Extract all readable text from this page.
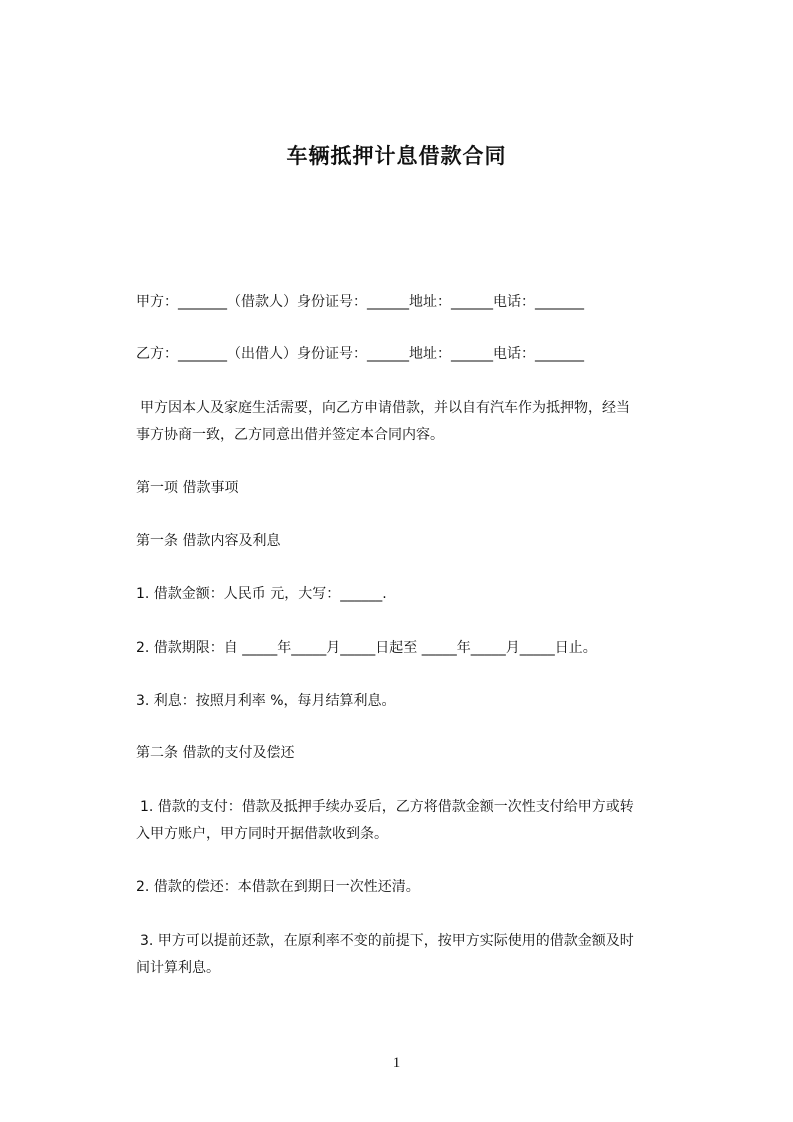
车辆抵押计息借款合同
甲方：_______（借款人）身份证号：______地址：______电话：_______
乙方：_______（出借人）身份证号：______地址：______电话：_______
甲方因本人及家庭生活需要，向乙方申请借款，并以自有汽车作为抵押物，经当
事方协商一致，乙方同意出借并签定本合同内容。
第一项 借款事项
第一条 借款内容及利息
1. 借款金额：人民币 元，大写：______.
2. 借款期限：自 _____年_____月_____日起至 _____年_____月_____日止。
3. 利息：按照月利率 %，每月结算利息。
第二条 借款的支付及偿还
1. 借款的支付：借款及抵押手续办妥后，乙方将借款金额一次性支付给甲方或转
入甲方账户，甲方同时开据借款收到条。
2. 借款的偿还：本借款在到期日一次性还清。
3. 甲方可以提前还款，在原利率不变的前提下，按甲方实际使用的借款金额及时
间计算利息。
1
